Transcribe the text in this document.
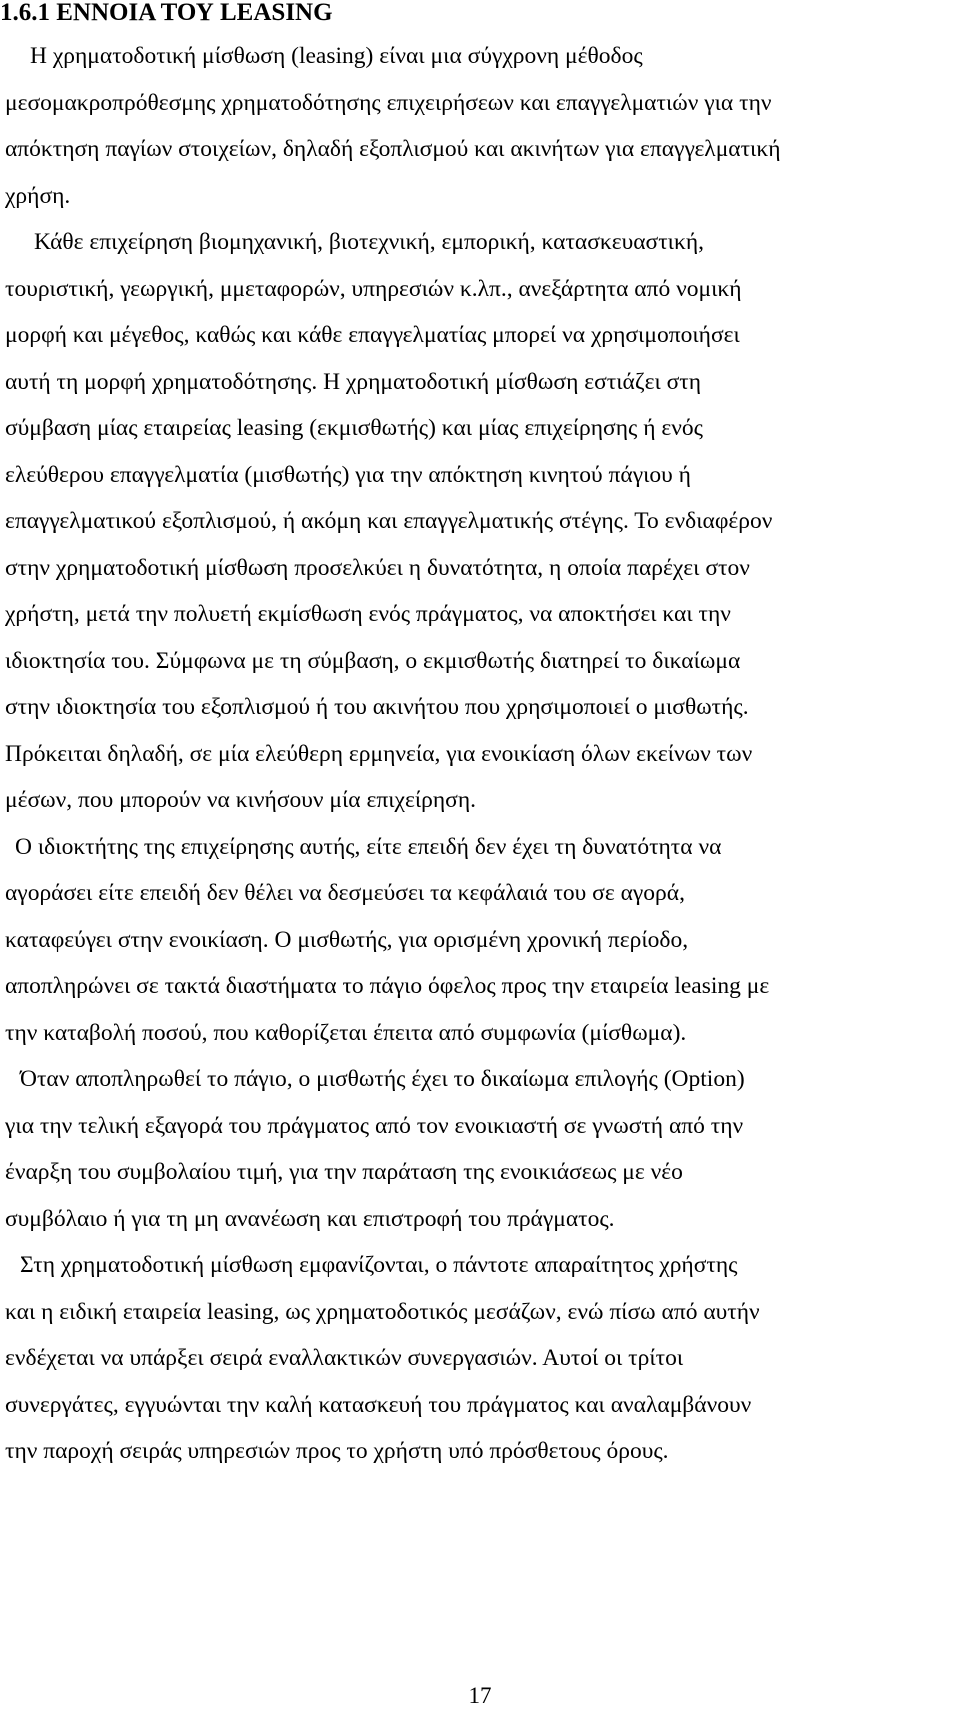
1.6.1 ΕΝΝΟΙΑ ΤΟΥ LEASING
Η χρηματοδοτική μίσθωση (leasing) είναι μια σύγχρονη μέθοδος
μεσομακροπρόθεσμης χρηματοδότησης επιχειρήσεων και επαγγελματιών για την
απόκτηση παγίων στοιχείων, δηλαδή εξοπλισμού και ακινήτων για επαγγελματική
χρήση.
Κάθε επιχείρηση βιομηχανική, βιοτεχνική, εμπορική, κατασκευαστική,
τουριστική, γεωργική, μμεταφορών, υπηρεσιών κ.λπ., ανεξάρτητα από νομική
μορφή και μέγεθος, καθώς και κάθε επαγγελματίας μπορεί να χρησιμοποιήσει
αυτή τη μορφή χρηματοδότησης. Η χρηματοδοτική μίσθωση εστιάζει στη
σύμβαση μίας εταιρείας leasing (εκμισθωτής) και μίας επιχείρησης ή ενός
ελεύθερου επαγγελματία (μισθωτής) για την απόκτηση κινητού πάγιου ή
επαγγελματικού εξοπλισμού, ή ακόμη και επαγγελματικής στέγης. Το ενδιαφέρον
στην χρηματοδοτική μίσθωση προσελκύει η δυνατότητα, η οποία παρέχει στον
χρήστη, μετά την πολυετή εκμίσθωση ενός πράγματος, να αποκτήσει και την
ιδιοκτησία του. Σύμφωνα με τη σύμβαση, ο εκμισθωτής διατηρεί το δικαίωμα
στην ιδιοκτησία του εξοπλισμού ή του ακινήτου που χρησιμοποιεί ο μισθωτής.
Πρόκειται δηλαδή, σε μία ελεύθερη ερμηνεία, για ενοικίαση όλων εκείνων των
μέσων, που μπορούν να κινήσουν μία επιχείρηση.
Ο ιδιοκτήτης της επιχείρησης αυτής, είτε επειδή δεν έχει τη δυνατότητα να
αγοράσει είτε επειδή δεν θέλει να δεσμεύσει τα κεφάλαιά του σε αγορά,
καταφεύγει στην ενοικίαση. Ο μισθωτής, για ορισμένη χρονική περίοδο,
αποπληρώνει σε τακτά διαστήματα το πάγιο όφελος προς την εταιρεία leasing με
την καταβολή ποσού, που καθορίζεται έπειτα από συμφωνία (μίσθωμα).
Όταν αποπληρωθεί το πάγιο, ο μισθωτής έχει το δικαίωμα επιλογής (Option)
για την τελική εξαγορά του πράγματος από τον ενοικιαστή σε γνωστή από την
έναρξη του συμβολαίου τιμή, για την παράταση της ενοικιάσεως με νέο
συμβόλαιο ή για τη μη ανανέωση και επιστροφή του πράγματος.
Στη χρηματοδοτική μίσθωση εμφανίζονται, ο πάντοτε απαραίτητος χρήστης
και η ειδική εταιρεία leasing, ως χρηματοδοτικός μεσάζων, ενώ πίσω από αυτήν
ενδέχεται να υπάρξει σειρά εναλλακτικών συνεργασιών. Αυτοί οι τρίτοι
συνεργάτες, εγγυώνται την καλή κατασκευή του πράγματος και αναλαμβάνουν
την παροχή σειράς υπηρεσιών προς το χρήστη υπό πρόσθετους όρους.
17
